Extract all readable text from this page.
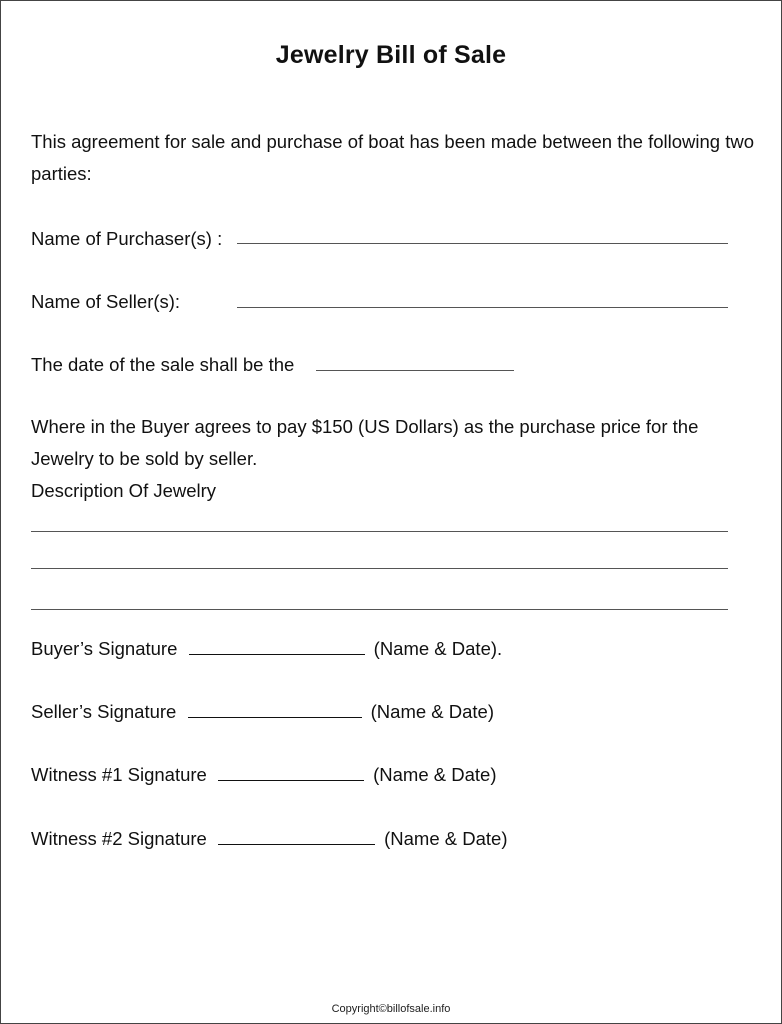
Jewelry Bill of Sale
This agreement for sale and purchase of boat has been made between the following two parties:
Name of Purchaser(s) :
Name of Seller(s):
The date of the sale shall be the
Where in the Buyer agrees to pay $150 (US Dollars) as the purchase price for the Jewelry to be sold by seller.
Description Of Jewelry
Buyer’s Signature	(Name & Date).
Seller’s Signature	(Name & Date)
Witness #1 Signature	(Name & Date)
Witness #2 Signature	(Name & Date)
Copyright©billofsale.info
